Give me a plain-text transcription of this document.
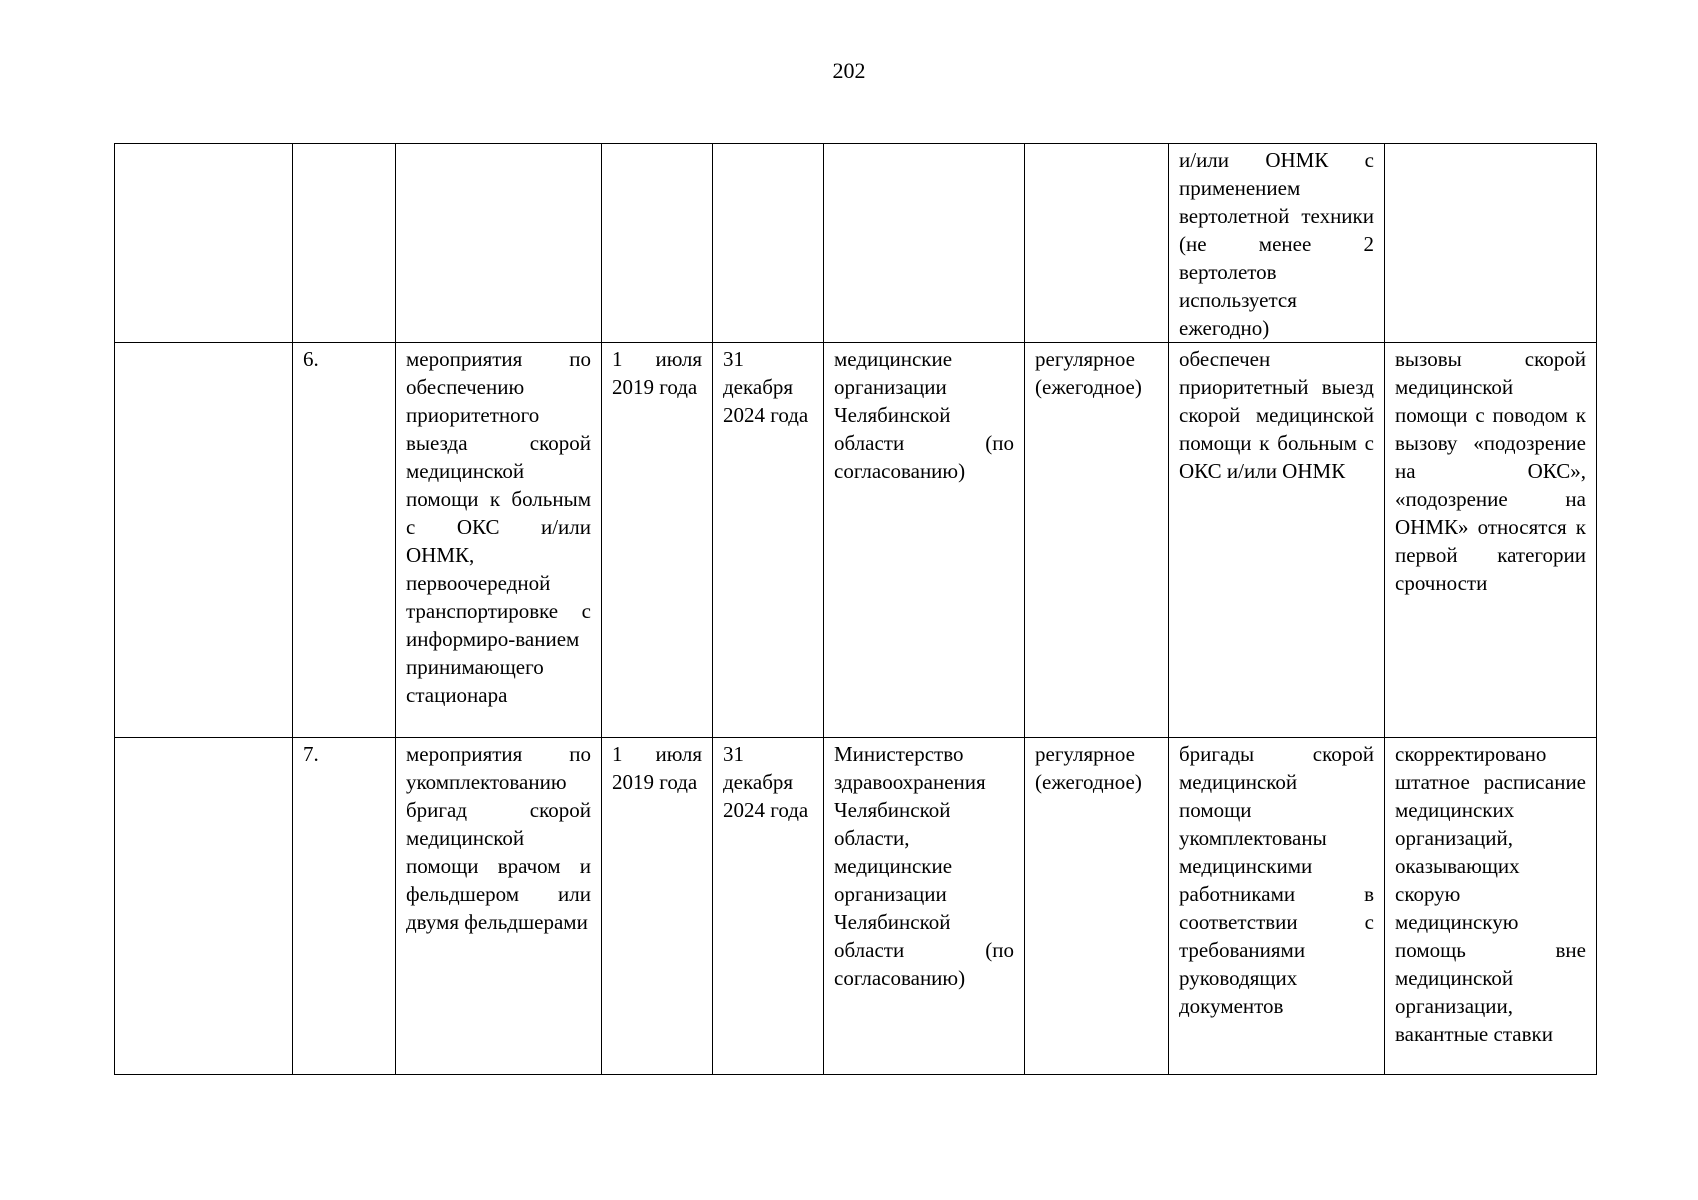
202
							и/или ОНМК с применением вертолетной техники (не менее 2 вертолетов используется ежегодно)	
	6.	мероприятия по обеспечению приоритетного выезда скорой медицинской помощи к больным с ОКС и/или ОНМК, первоочередной транспортировке с информиро-ванием принимающего стационара	1 июля 2019 года	31 декабря 2024 года	медицинские организации Челябинской области (по согласованию)	регулярное (ежегодное)	обеспечен приоритетный выезд скорой медицинской помощи к больным с ОКС и/или ОНМК	вызовы скорой медицинской помощи с поводом к вызову «подозрение на ОКС», «подозрение на ОНМК» относятся к первой категории срочности
	7.	мероприятия по укомплектованию бригад скорой медицинской помощи врачом и фельдшером или двумя фельдшерами	1 июля 2019 года	31 декабря 2024 года	Министерство здравоохранения Челябинской области, медицинские организации Челябинской области (по согласованию)	регулярное (ежегодное)	бригады скорой медицинской помощи укомплектованы медицинскими работниками в соответствии с требованиями руководящих документов	скорректировано штатное расписание медицинских организаций, оказывающих скорую медицинскую помощь вне медицинской организации, вакантные ставки
